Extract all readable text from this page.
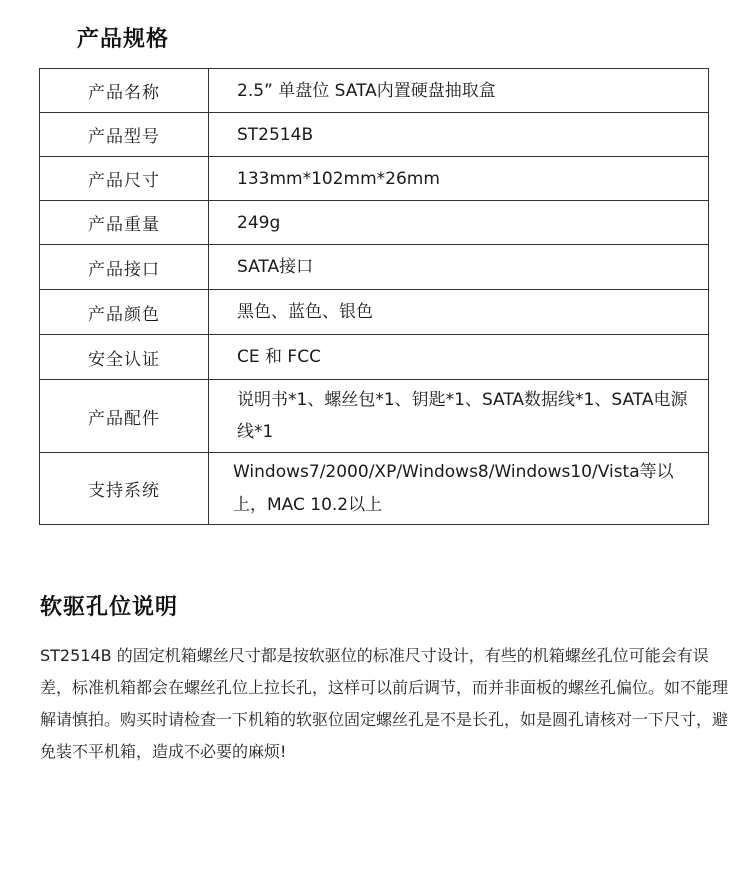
产品规格
产品名称	2.5” 单盘位 SATA内置硬盘抽取盒
产品型号	ST2514B
产品尺寸	133mm*102mm*26mm
产品重量	249g
产品接口	SATA接口
产品颜色	黑色、蓝色、银色
安全认证	CE 和 FCC
产品配件	说明书*1、螺丝包*1、钥匙*1、SATA数据线*1、SATA电源线*1
支持系统	Windows7/2000/XP/Windows8/Windows10/Vista等以上，MAC 10.2以上
软驱孔位说明
ST2514B 的固定机箱螺丝尺寸都是按软驱位的标准尺寸设计，有些的机箱螺丝孔位可能会有误差，标准机箱都会在螺丝孔位上拉长孔，这样可以前后调节，而并非面板的螺丝孔偏位。如不能理解请慎拍。购买时请检查一下机箱的软驱位固定螺丝孔是不是长孔，如是圆孔请核对一下尺寸，避免装不平机箱，造成不必要的麻烦!
